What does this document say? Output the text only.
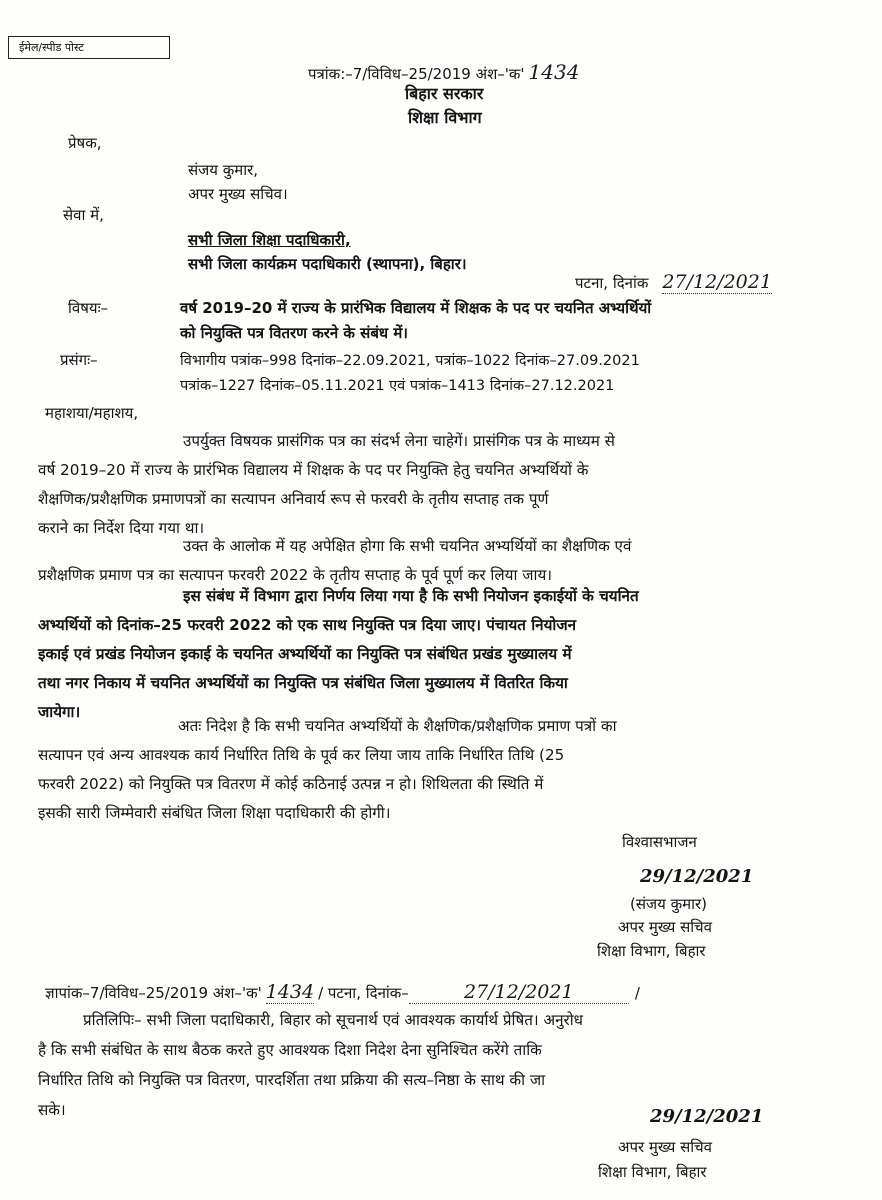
ईमेल/स्पीड पोस्ट
पत्रांक:–7/विविध–25/2019 अंश–'क' 1434
बिहार सरकार
शिक्षा विभाग
प्रेषक,
संजय कुमार,
अपर मुख्य सचिव।
सेवा में,
सभी जिला शिक्षा पदाधिकारी,
सभी जिला कार्यक्रम पदाधिकारी (स्थापना), बिहार।
पटना, दिनांक 27/12/2021
विषयः–	वर्ष 2019–20 में राज्य के प्रारंभिक विद्यालय में शिक्षक के पद पर चयनित अभ्यर्थियों
को नियुक्ति पत्र वितरण करने के संबंध में।
प्रसंगः–	विभागीय पत्रांक–998 दिनांक–22.09.2021, पत्रांक–1022 दिनांक–27.09.2021
पत्रांक–1227 दिनांक–05.11.2021 एवं पत्रांक–1413 दिनांक–27.12.2021
महाशया/महाशय,
उपर्युक्त विषयक प्रासंगिक पत्र का संदर्भ लेना चाहेगें। प्रासंगिक पत्र के माध्यम से
वर्ष 2019–20 में राज्य के प्रारंभिक विद्यालय में शिक्षक के पद पर नियुक्ति हेतु चयनित अभ्यर्थियों के
शैक्षणिक/प्रशैक्षणिक प्रमाणपत्रों का सत्यापन अनिवार्य रूप से फरवरी के तृतीय सप्ताह तक पूर्ण
कराने का निर्देश दिया गया था।
उक्त के आलोक में यह अपेक्षित होगा कि सभी चयनित अभ्यर्थियों का शैक्षणिक एवं
प्रशैक्षणिक प्रमाण पत्र का सत्यापन फरवरी 2022 के तृतीय सप्ताह के पूर्व पूर्ण कर लिया जाय।
इस संबंध में विभाग द्वारा निर्णय लिया गया है कि सभी नियोजन इकाईयों के चयनित
अभ्यर्थियों को दिनांक–25 फरवरी 2022 को एक साथ नियुक्ति पत्र दिया जाए। पंचायत नियोजन
इकाई एवं प्रखंड नियोजन इकाई के चयनित अभ्यर्थियों का नियुक्ति पत्र संबंधित प्रखंड मुख्यालय में
तथा नगर निकाय में चयनित अभ्यर्थियों का नियुक्ति पत्र संबंधित जिला मुख्यालय में वितरित किया
जायेगा।
अतः निदेश है कि सभी चयनित अभ्यर्थियों के शैक्षणिक/प्रशैक्षणिक प्रमाण पत्रों का
सत्यापन एवं अन्य आवश्यक कार्य निर्धारित तिथि के पूर्व कर लिया जाय ताकि निर्धारित तिथि (25
फरवरी 2022) को नियुक्ति पत्र वितरण में कोई कठिनाई उत्पन्न न हो। शिथिलता की स्थिति में
इसकी सारी जिम्मेवारी संबंधित जिला शिक्षा पदाधिकारी की होगी।
विश्वासभाजन
29/12/2021
(संजय कुमार)
अपर मुख्य सचिव
शिक्षा विभाग, बिहार
ज्ञापांक–7/विविध–25/2019 अंश–'क' 1434 / पटना, दिनांक–	27/12/2021	/
प्रतिलिपिः– सभी जिला पदाधिकारी, बिहार को सूचनार्थ एवं आवश्यक कार्यार्थ प्रेषित। अनुरोध
है कि सभी संबंधित के साथ बैठक करते हुए आवश्यक दिशा निदेश देना सुनिश्चित करेंगे ताकि
निर्धारित तिथि को नियुक्ति पत्र वितरण, पारदर्शिता तथा प्रक्रिया की सत्य–निष्ठा के साथ की जा
सके।	29/12/2021
अपर मुख्य सचिव
शिक्षा विभाग, बिहार
